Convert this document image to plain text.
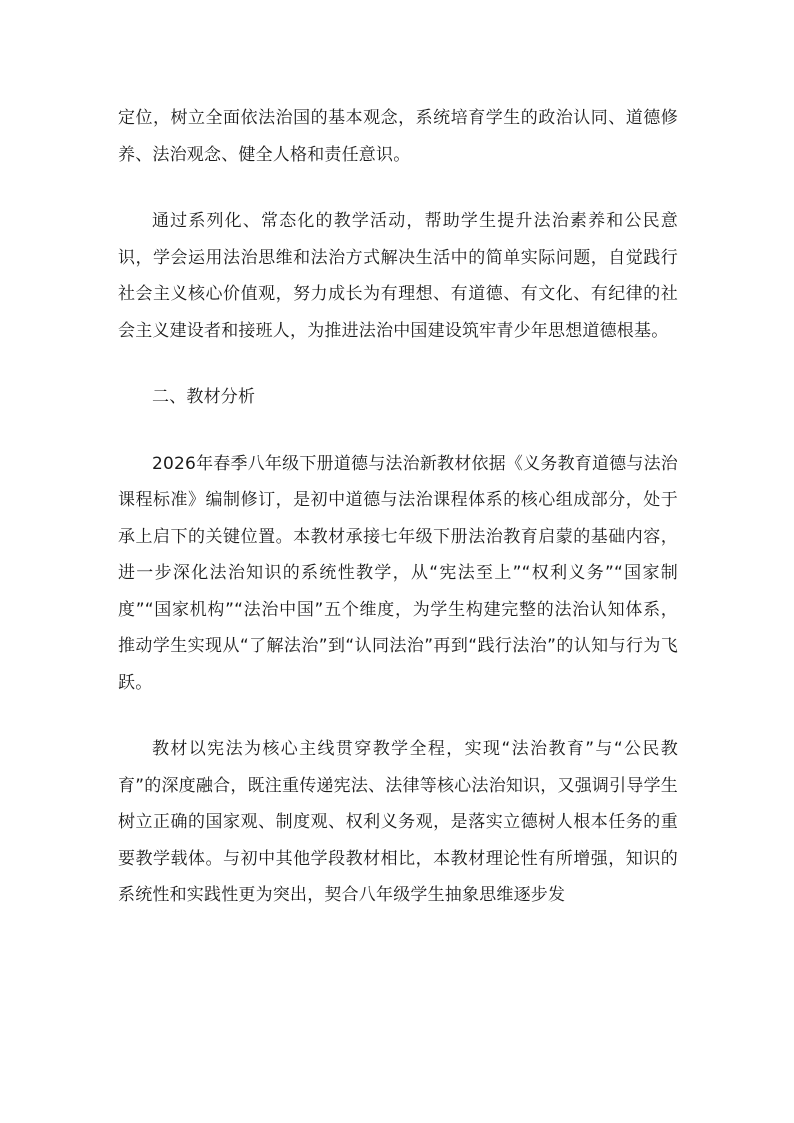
定位，树立全面依法治国的基本观念，系统培育学生的政治认同、道德修养、法治观念、健全人格和责任意识。

通过系列化、常态化的教学活动，帮助学生提升法治素养和公民意识，学会运用法治思维和法治方式解决生活中的简单实际问题，自觉践行社会主义核心价值观，努力成长为有理想、有道德、有文化、有纪律的社会主义建设者和接班人，为推进法治中国建设筑牢青少年思想道德根基。

二、教材分析

2026年春季八年级下册道德与法治新教材依据《义务教育道德与法治课程标准》编制修订，是初中道德与法治课程体系的核心组成部分，处于承上启下的关键位置。本教材承接七年级下册法治教育启蒙的基础内容，进一步深化法治知识的系统性教学，从“宪法至上”“权利义务”“国家制度”“国家机构”“法治中国”五个维度，为学生构建完整的法治认知体系，推动学生实现从“了解法治”到“认同法治”再到“践行法治”的认知与行为飞跃。

教材以宪法为核心主线贯穿教学全程，实现“法治教育”与“公民教育”的深度融合，既注重传递宪法、法律等核心法治知识，又强调引导学生树立正确的国家观、制度观、权利义务观，是落实立德树人根本任务的重要教学载体。与初中其他学段教材相比，本教材理论性有所增强，知识的系统性和实践性更为突出，契合八年级学生抽象思维逐步发
